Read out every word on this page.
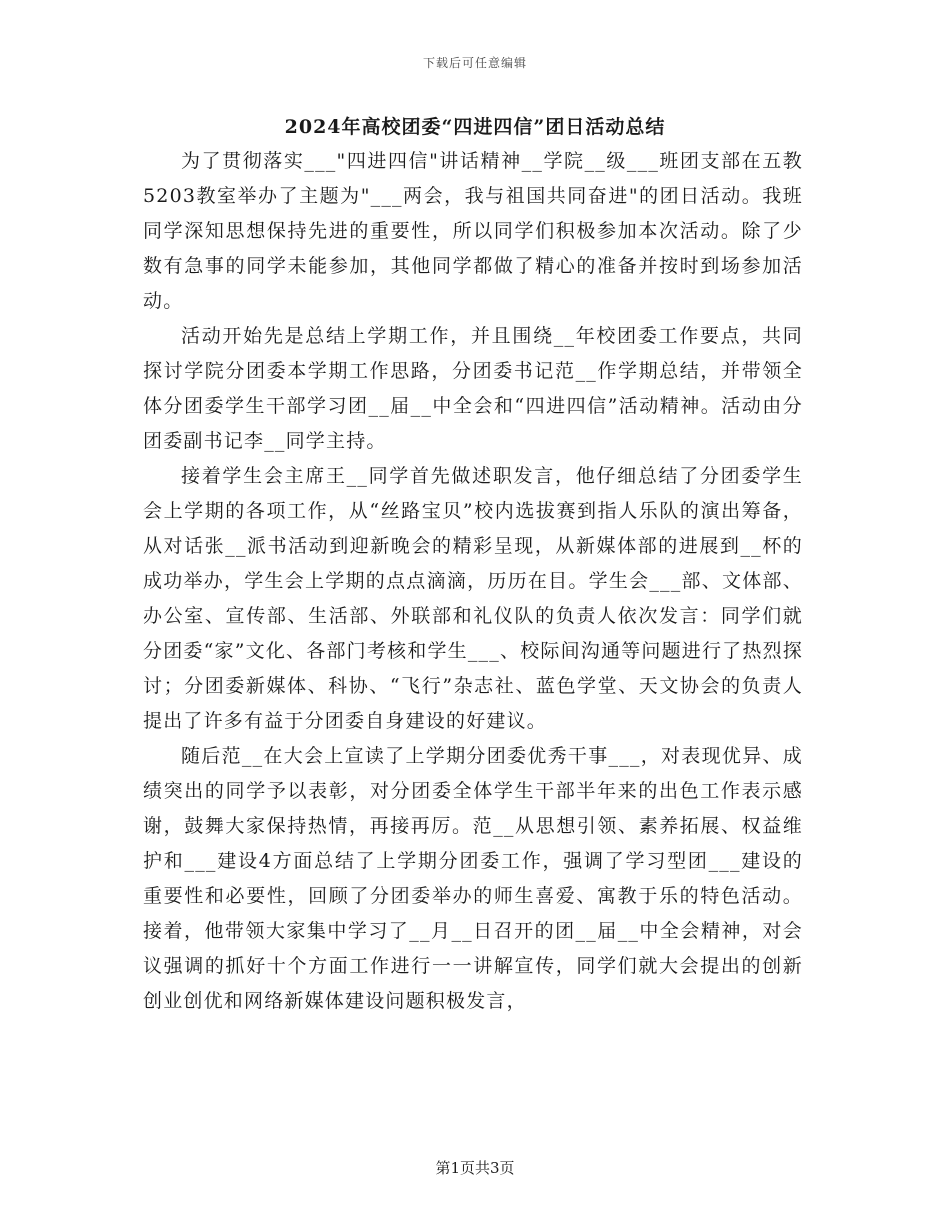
下载后可任意编辑
2024年高校团委“四进四信”团日活动总结

为了贯彻落实___"四进四信"讲话精神__学院__级___班团支部在五教5203教室举办了主题为"___两会，我与祖国共同奋进"的团日活动。我班同学深知思想保持先进的重要性，所以同学们积极参加本次活动。除了少数有急事的同学未能参加，其他同学都做了精心的准备并按时到场参加活动。

活动开始先是总结上学期工作，并且围绕__年校团委工作要点，共同探讨学院分团委本学期工作思路，分团委书记范__作学期总结，并带领全体分团委学生干部学习团__届__中全会和“四进四信”活动精神。活动由分团委副书记李__同学主持。

接着学生会主席王__同学首先做述职发言，他仔细总结了分团委学生会上学期的各项工作，从“丝路宝贝”校内选拔赛到指人乐队的演出筹备，从对话张__派书活动到迎新晚会的精彩呈现，从新媒体部的进展到__杯的成功举办，学生会上学期的点点滴滴，历历在目。学生会___部、文体部、办公室、宣传部、生活部、外联部和礼仪队的负责人依次发言：同学们就分团委“家”文化、各部门考核和学生___、校际间沟通等问题进行了热烈探讨；分团委新媒体、科协、“飞行”杂志社、蓝色学堂、天文协会的负责人提出了许多有益于分团委自身建设的好建议。

随后范__在大会上宣读了上学期分团委优秀干事___，对表现优异、成绩突出的同学予以表彰，对分团委全体学生干部半年来的出色工作表示感谢，鼓舞大家保持热情，再接再厉。范__从思想引领、素养拓展、权益维护和___建设4方面总结了上学期分团委工作，强调了学习型团___建设的重要性和必要性，回顾了分团委举办的师生喜爱、寓教于乐的特色活动。接着，他带领大家集中学习了__月__日召开的团__届__中全会精神，对会议强调的抓好十个方面工作进行一一讲解宣传，同学们就大会提出的创新创业创优和网络新媒体建设问题积极发言，

第1页共3页
